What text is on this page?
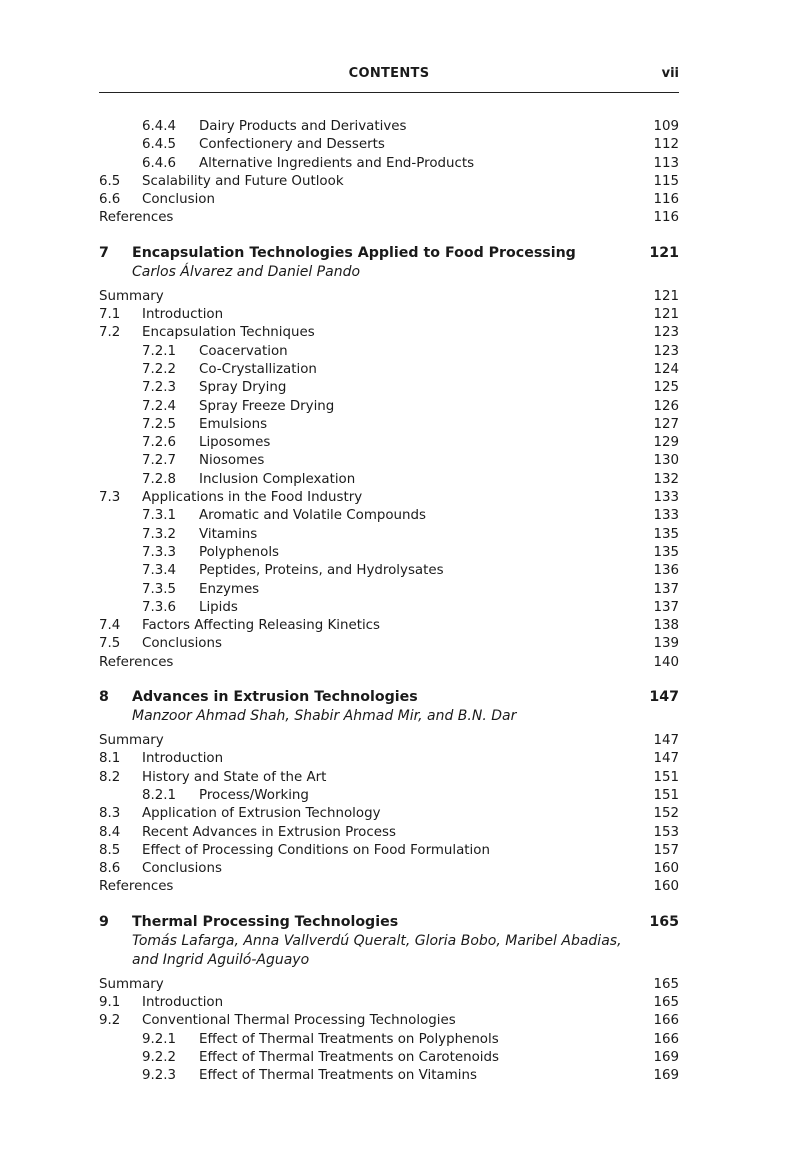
CONTENTS	vii
6.4.4 Dairy Products and Derivatives	109
6.4.5 Confectionery and Desserts	112
6.4.6 Alternative Ingredients and End-Products	113
6.5 Scalability and Future Outlook	115
6.6 Conclusion	116
References	116
7 Encapsulation Technologies Applied to Food Processing	121
Carlos Álvarez and Daniel Pando
Summary	121
7.1 Introduction	121
7.2 Encapsulation Techniques	123
7.2.1 Coacervation	123
7.2.2 Co-Crystallization	124
7.2.3 Spray Drying	125
7.2.4 Spray Freeze Drying	126
7.2.5 Emulsions	127
7.2.6 Liposomes	129
7.2.7 Niosomes	130
7.2.8 Inclusion Complexation	132
7.3 Applications in the Food Industry	133
7.3.1 Aromatic and Volatile Compounds	133
7.3.2 Vitamins	135
7.3.3 Polyphenols	135
7.3.4 Peptides, Proteins, and Hydrolysates	136
7.3.5 Enzymes	137
7.3.6 Lipids	137
7.4 Factors Affecting Releasing Kinetics	138
7.5 Conclusions	139
References	140
8 Advances in Extrusion Technologies	147
Manzoor Ahmad Shah, Shabir Ahmad Mir, and B.N. Dar
Summary	147
8.1 Introduction	147
8.2 History and State of the Art	151
8.2.1 Process/Working	151
8.3 Application of Extrusion Technology	152
8.4 Recent Advances in Extrusion Process	153
8.5 Effect of Processing Conditions on Food Formulation	157
8.6 Conclusions	160
References	160
9 Thermal Processing Technologies	165
Tomás Lafarga, Anna Vallverdú Queralt, Gloria Bobo, Maribel Abadias,
and Ingrid Aguiló-Aguayo
Summary	165
9.1 Introduction	165
9.2 Conventional Thermal Processing Technologies	166
9.2.1 Effect of Thermal Treatments on Polyphenols	166
9.2.2 Effect of Thermal Treatments on Carotenoids	169
9.2.3 Effect of Thermal Treatments on Vitamins	169
